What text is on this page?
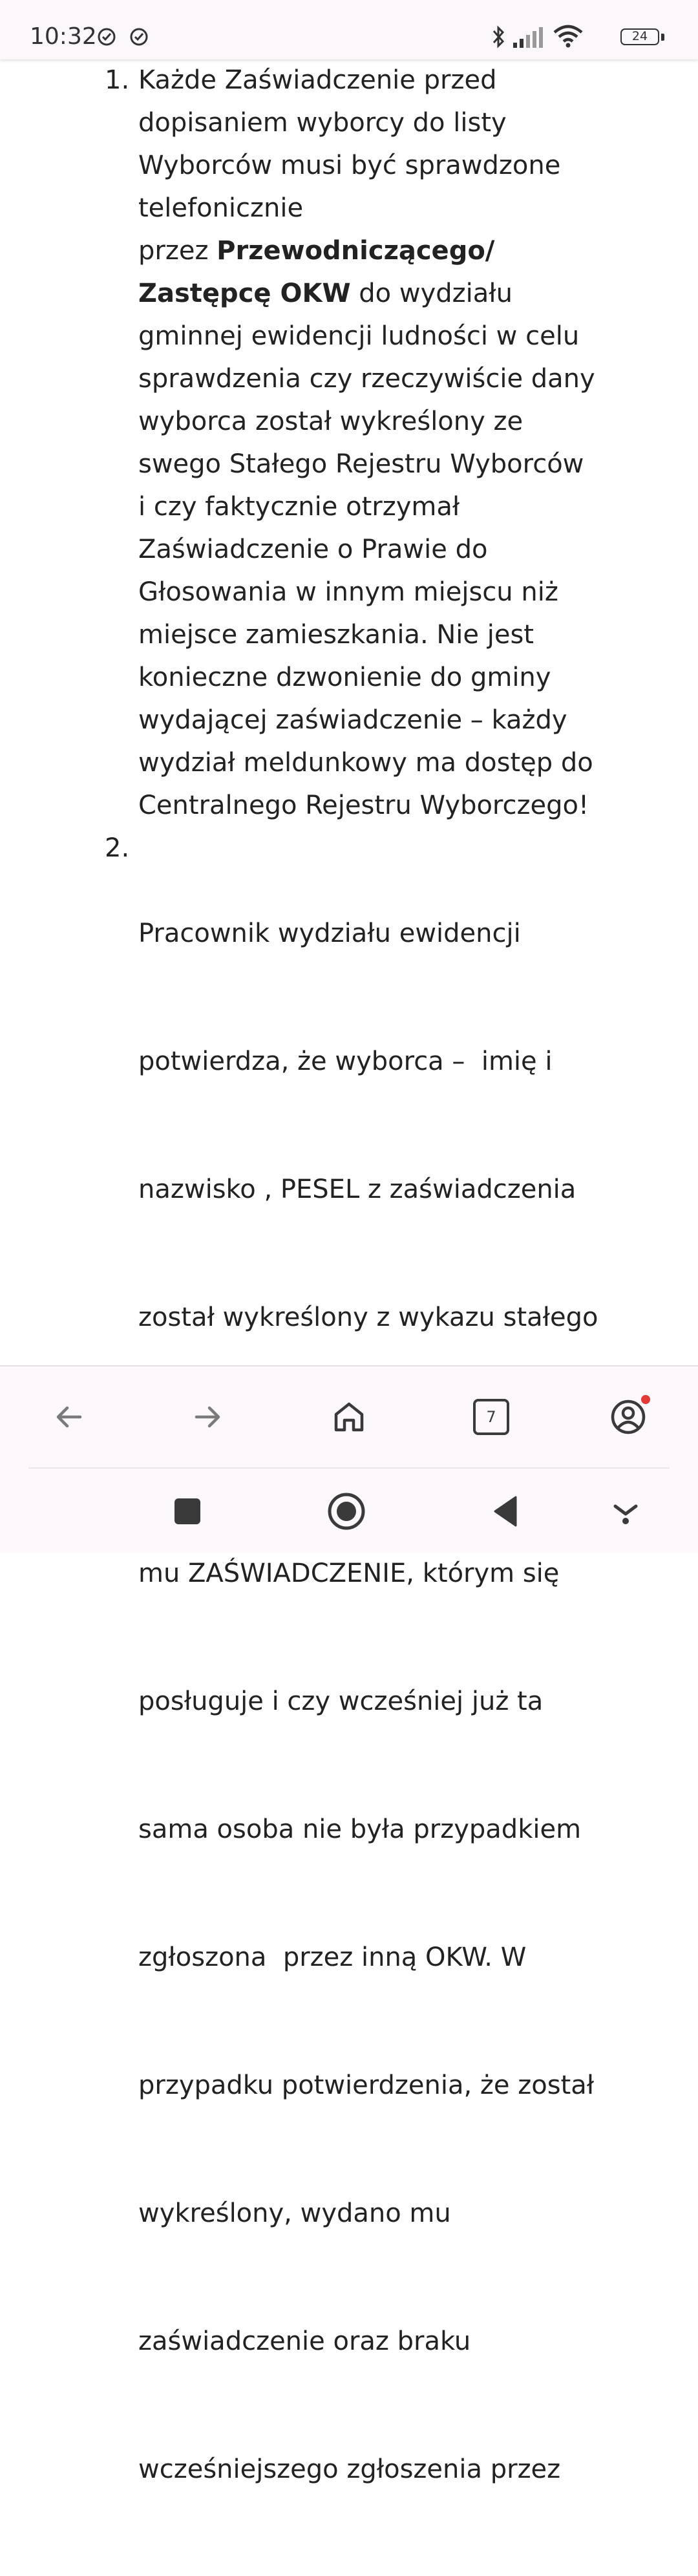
10:32	24
1. Każde Zaświadczenie przed
dopisaniem wyborcy do listy
Wyborców musi być sprawdzone
telefonicznie
przez Przewodniczącego/
Zastępcę OKW do wydziału
gminnej ewidencji ludności w celu
sprawdzenia czy rzeczywiście dany
wyborca został wykreślony ze
swego Stałego Rejestru Wyborców
i czy faktycznie otrzymał
Zaświadczenie o Prawie do
Głosowania w innym miejscu niż
miejsce zamieszkania. Nie jest
konieczne dzwonienie do gminy
wydającej zaświadczenie – każdy
wydział meldunkowy ma dostęp do
Centralnego Rejestru Wyborczego!
2.

Pracownik wydziału ewidencji

potwierdza, że wyborca –  imię i

nazwisko , PESEL z zaświadczenia

został wykreślony z wykazu stałego

mu ZAŚWIADCZENIE, którym się

posługuje i czy wcześniej już ta

sama osoba nie była przypadkiem

zgłoszona  przez inną OKW. W

przypadku potwierdzenia, że został

wykreślony, wydano mu

zaświadczenie oraz braku

wcześniejszego zgłoszenia przez

7
